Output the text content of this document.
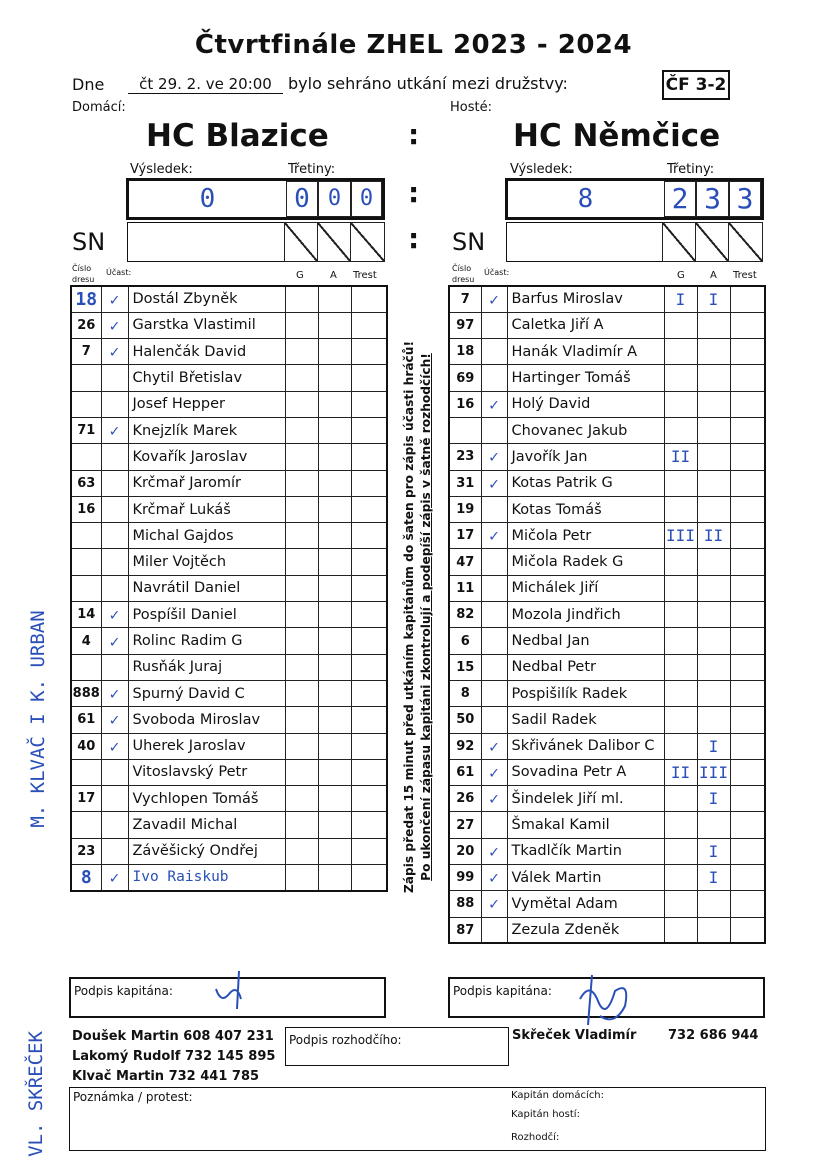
Čtvrtfinále ZHEL 2023 - 2024
Dne	čt 29. 2. ve 20:00	bylo sehráno utkání mezi družstvy:	ČF 3-2
Domácí:	Hosté:
HC Blazice	HC Němčice
:
:
:
Výsledek:	Třetiny:
0	0 0 0
Výsledek:	Třetiny:
8	2 3 3
SN	SN
Číslo dresu
Účast:	G	A Trest
Číslo dresu
Účast:	G	A Trest
18	✓	Dostál Zbyněk			
26	✓	Garstka Vlastimil			
7	✓	Halenčák David			
		Chytil Břetislav			
		Josef Hepper			
71	✓	Knejzlík Marek			
		Kovařík Jaroslav			
63		Krčmař Jaromír			
16		Krčmař Lukáš			
		Michal Gajdos			
		Miler Vojtěch			
		Navrátil Daniel			
14	✓	Pospíšil Daniel			
4	✓	Rolinc Radim G			
		Rusňák Juraj			
888	✓	Spurný David C			
61	✓	Svoboda Miroslav			
40	✓	Uherek Jaroslav			
		Vitoslavský Petr			
17		Vychlopen Tomáš			
		Zavadil Michal			
23		Závěšický Ondřej			
8	✓	Ivo Raiskub			
7	✓	Barfus Miroslav	I	I	
97		Caletka Jiří A			
18		Hanák Vladimír A			
69		Hartinger Tomáš			
16	✓	Holý David			
		Chovanec Jakub			
23	✓	Javořík Jan	II		
31	✓	Kotas Patrik G			
19		Kotas Tomáš			
17	✓	Mičola Petr	III	II	
47		Mičola Radek G			
11		Michálek Jiří			
82		Mozola Jindřich			
6		Nedbal Jan			
15		Nedbal Petr			
8		Pospišilík Radek			
50		Sadil Radek			
92	✓	Skřivánek Dalibor C		I	
61	✓	Sovadina Petr A	II	III	
26	✓	Šindelek Jiří ml.		I	
27		Šmakal Kamil			
20	✓	Tkadlčík Martin		I	
99	✓	Válek Martin		I	
88	✓	Vymětal Adam			
87		Zezula Zdeněk			
Zápis předat 15 minut před utkáním kapitánům do šaten pro zápis účasti hráčů! Po ukončení zápasu kapitáni zkontrolují a podepíší zápis v šatně rozhodčích!
M. KLVAČ I K. URBAN
VL. SKŘEČEK
Podpis kapitána:	Podpis kapitána:
Doušek Martin 608 407 231
Lakomý Rudolf 732 145 895
Klvač Martin 732 441 785
Podpis rozhodčího:	Skřeček Vladimír 732 686 944
Poznámka / protest:	Kapitán domácích:
Kapitán hostí:
Rozhodčí:
